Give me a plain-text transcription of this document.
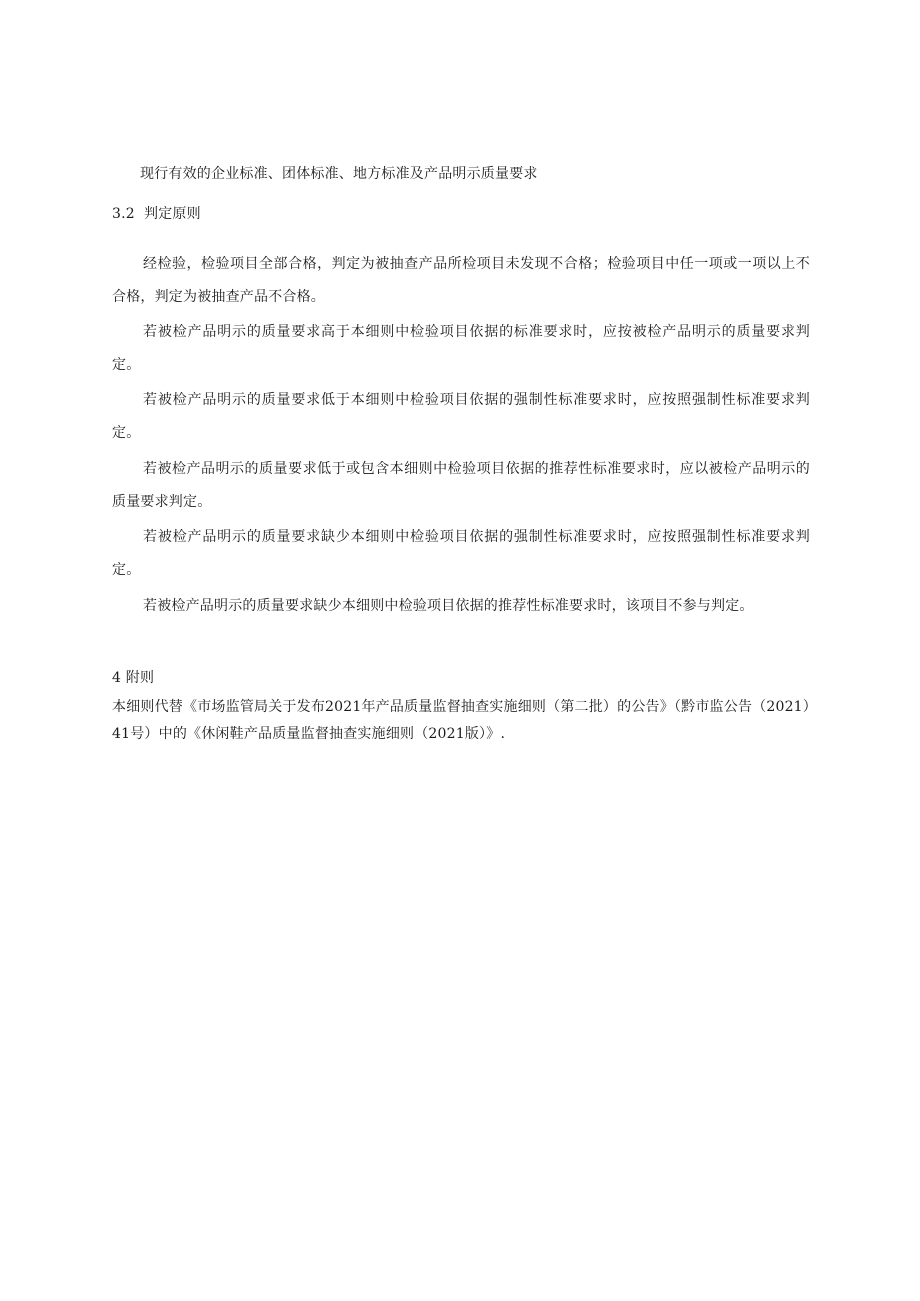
现行有效的企业标准、团体标准、地方标准及产品明示质量要求
3.2 判定原则
经检验，检验项目全部合格，判定为被抽查产品所检项目未发现不合格；检验项目中任一项或一项以上不合格，判定为被抽查产品不合格。
若被检产品明示的质量要求高于本细则中检验项目依据的标准要求时，应按被检产品明示的质量要求判定。
若被检产品明示的质量要求低于本细则中检验项目依据的强制性标准要求时，应按照强制性标准要求判定。
若被检产品明示的质量要求低于或包含本细则中检验项目依据的推荐性标准要求时，应以被检产品明示的质量要求判定。
若被检产品明示的质量要求缺少本细则中检验项目依据的强制性标准要求时，应按照强制性标准要求判定。
若被检产品明示的质量要求缺少本细则中检验项目依据的推荐性标准要求时，该项目不参与判定。
4 附则
本细则代替《市场监管局关于发布2021年产品质量监督抽查实施细则（第二批）的公告》（黔市监公告（2021）41号）中的《休闲鞋产品质量监督抽查实施细则（2021版）》.
